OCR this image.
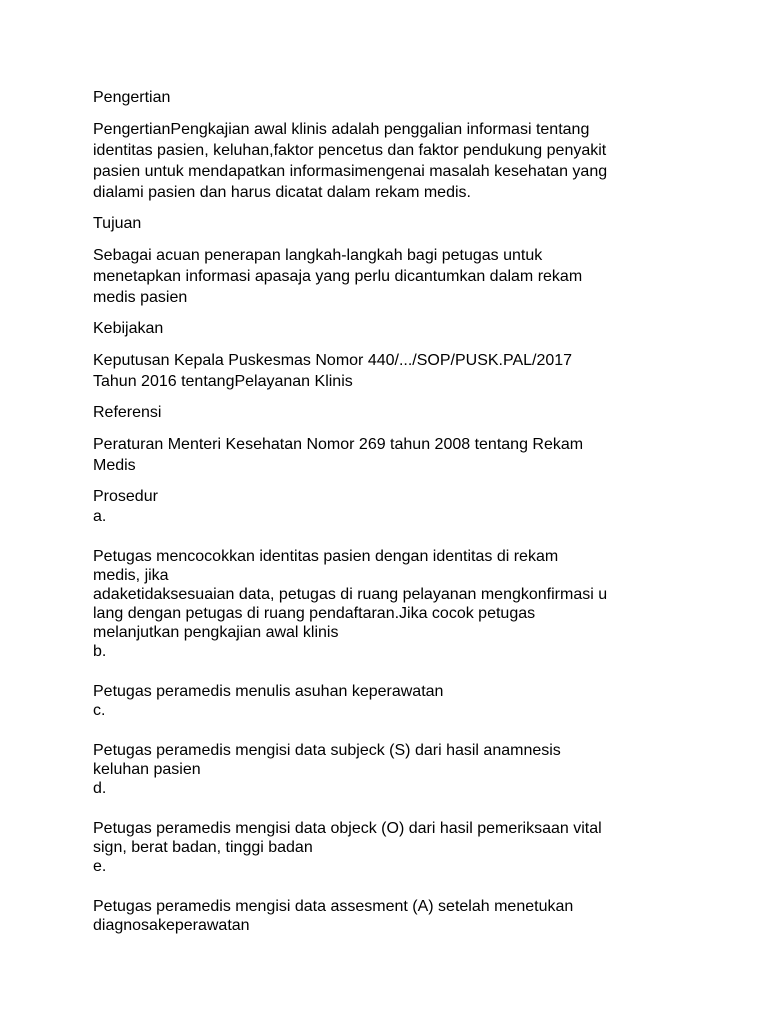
Pengertian
PengertianPengkajian awal klinis adalah penggalian informasi tentang
identitas pasien, keluhan,faktor pencetus dan faktor pendukung penyakit
pasien untuk mendapatkan informasimengenai masalah kesehatan yang
dialami pasien dan harus dicatat dalam rekam medis.
Tujuan
Sebagai acuan penerapan langkah-langkah bagi petugas untuk
menetapkan informasi apasaja yang perlu dicantumkan dalam rekam
medis pasien
Kebijakan
Keputusan Kepala Puskesmas Nomor 440/.../SOP/PUSK.PAL/2017
Tahun 2016 tentangPelayanan Klinis
Referensi
Peraturan Menteri Kesehatan Nomor 269 tahun 2008 tentang Rekam
Medis
Prosedur
a.
Petugas mencocokkan identitas pasien dengan identitas di rekam
medis, jika
adaketidaksesuaian data, petugas di ruang pelayanan mengkonfirmasi u
lang dengan petugas di ruang pendaftaran.Jika cocok petugas
melanjutkan pengkajian awal klinis
b.
Petugas peramedis menulis asuhan keperawatan
c.
Petugas peramedis mengisi data subjeck (S) dari hasil anamnesis
keluhan pasien
d.
Petugas peramedis mengisi data objeck (O) dari hasil pemeriksaan vital
sign, berat badan, tinggi badan
e.
Petugas peramedis mengisi data assesment (A) setelah menetukan
diagnosakeperawatan
